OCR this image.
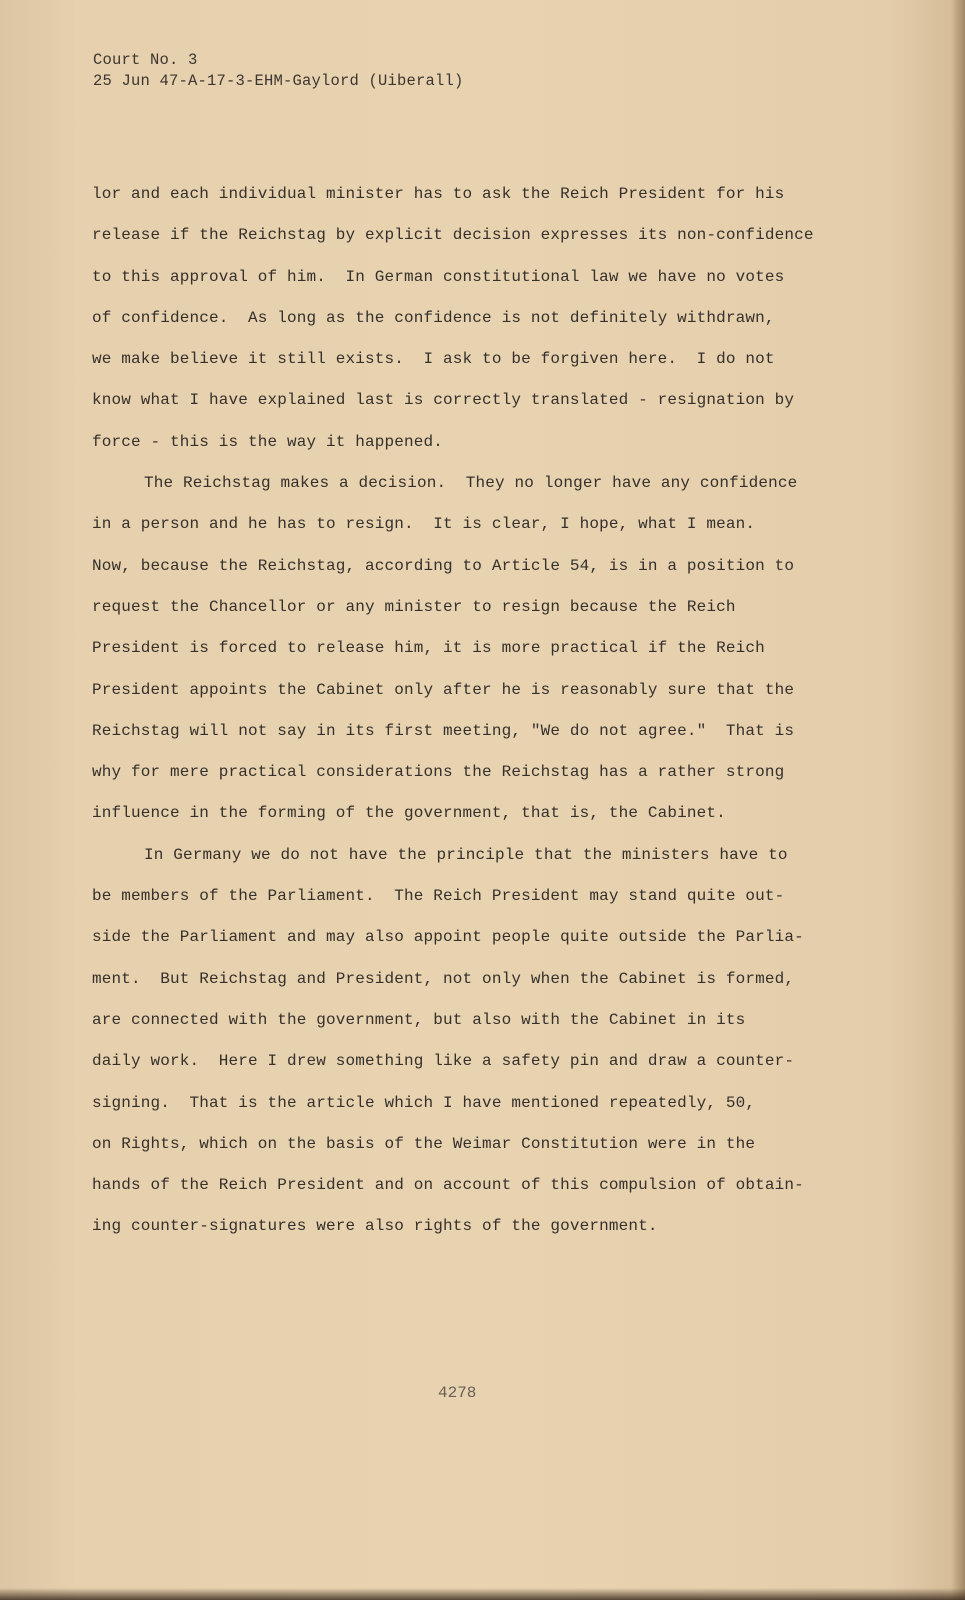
Court No. 3
25 Jun 47-A-17-3-EHM-Gaylord (Uiberall)
lor and each individual minister has to ask the Reich President for his
release if the Reichstag by explicit decision expresses its non-confidence
to this approval of him.  In German constitutional law we have no votes
of confidence.  As long as the confidence is not definitely withdrawn,
we make believe it still exists.  I ask to be forgiven here.  I do not
know what I have explained last is correctly translated - resignation by
force - this is the way it happened.
The Reichstag makes a decision.  They no longer have any confidence
in a person and he has to resign.  It is clear, I hope, what I mean.
Now, because the Reichstag, according to Article 54, is in a position to
request the Chancellor or any minister to resign because the Reich
President is forced to release him, it is more practical if the Reich
President appoints the Cabinet only after he is reasonably sure that the
Reichstag will not say in its first meeting, "We do not agree."  That is
why for mere practical considerations the Reichstag has a rather strong
influence in the forming of the government, that is, the Cabinet.
In Germany we do not have the principle that the ministers have to
be members of the Parliament.  The Reich President may stand quite out-
side the Parliament and may also appoint people quite outside the Parlia-
ment.  But Reichstag and President, not only when the Cabinet is formed,
are connected with the government, but also with the Cabinet in its
daily work.  Here I drew something like a safety pin and draw a counter-
signing.  That is the article which I have mentioned repeatedly, 50,
on Rights, which on the basis of the Weimar Constitution were in the
hands of the Reich President and on account of this compulsion of obtain-
ing counter-signatures were also rights of the government.
4278
